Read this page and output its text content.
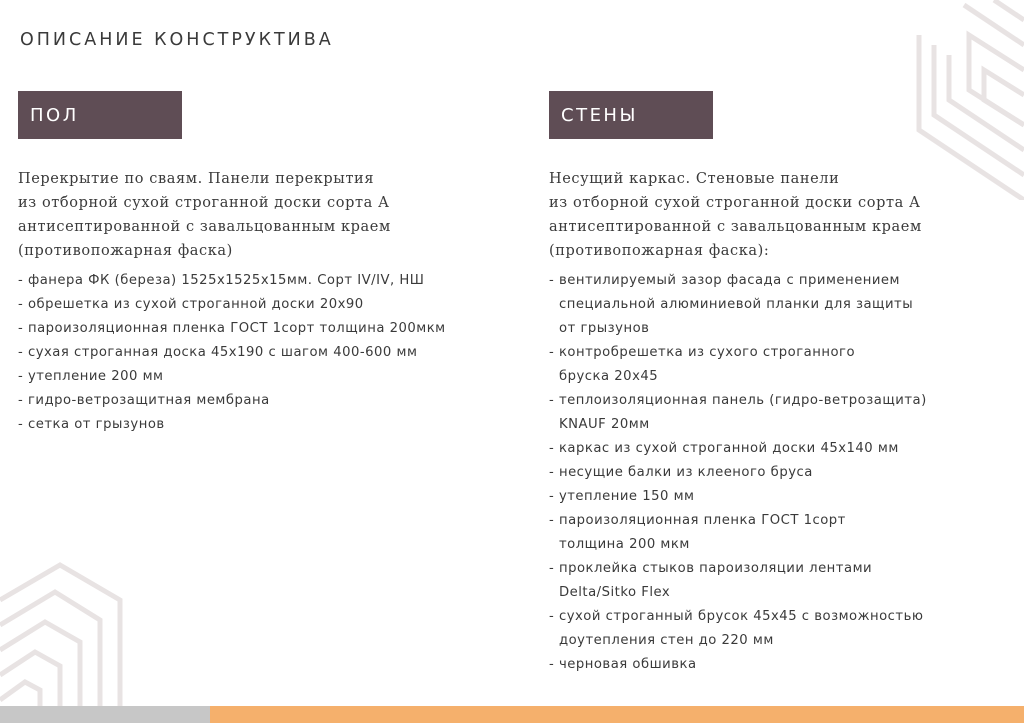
ОПИСАНИЕ КОНСТРУКТИВА
ПОЛ	СТЕНЫ
Перекрытие по сваям. Панели перекрытия
из отборной сухой строганной доски сорта А
антисептированной с завальцованным краем
(противопожарная фаска)
- фанера ФК (береза) 1525х1525х15мм. Сорт IV/IV, НШ
- обрешетка из сухой строганной доски 20х90
- пароизоляционная пленка ГОСТ 1сорт толщина 200мкм
- сухая строганная доска 45х190 с шагом 400-600 мм
- утепление 200 мм
- гидро-ветрозащитная мембрана
- сетка от грызунов
Несущий каркас. Стеновые панели
из отборной сухой строганной доски сорта А
антисептированной с завальцованным краем
(противопожарная фаска):
- вентилируемый зазор фасада с применением
специальной алюминиевой планки для защиты
от грызунов
- контробрешетка из сухого строганного
бруска 20х45
- теплоизоляционная панель (гидро-ветрозащита)
KNAUF 20мм
- каркас из сухой строганной доски 45х140 мм
- несущие балки из клееного бруса
- утепление 150 мм
- пароизоляционная пленка ГОСТ 1сорт
толщина 200 мкм
- проклейка стыков пароизоляции лентами
Delta/Sitko Flex
- сухой строганный брусок 45х45 с возможностью
доутепления стен до 220 мм
- черновая обшивка
